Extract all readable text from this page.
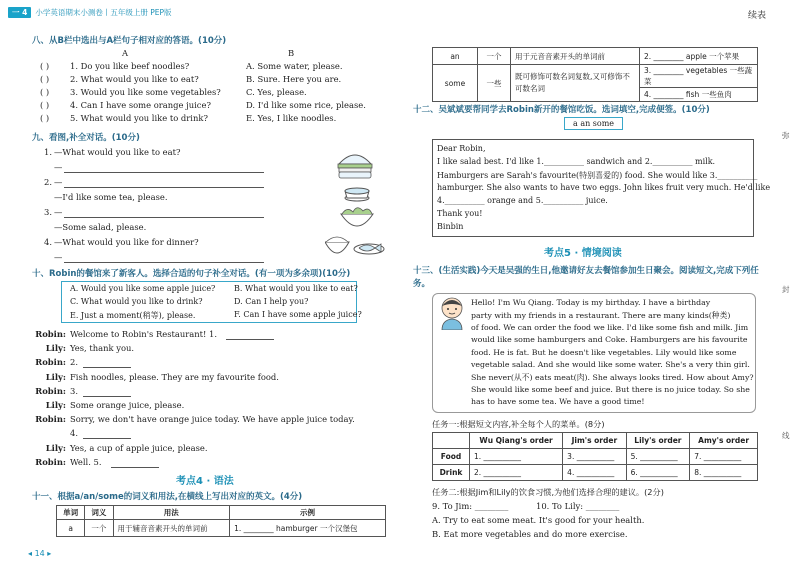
一 4	小学英语期末小测卷丨五年级上册 PEP版	续表
八、从B栏中选出与A栏句子相对应的答语。(10分)
A	B
( ) 1. Do you like beef noodles?	A. Some water, please.
( ) 2. What would you like to eat?	B. Sure. Here you are.
( ) 3. Would you like some vegetables?	C. Yes, please.
( ) 4. Can I have some orange juice?	D. I'd like some rice, please.
( ) 5. What would you like to drink?	E. Yes, I like noodles.
九、看图,补全对话。(10分)
1. —What would you like to eat?
—
2. —
—I'd like some tea, please.
3. —
—Some salad, please.
4. —What would you like for dinner?
—
十、Robin的餐馆来了新客人。选择合适的句子补全对话。(有一项为多余项)(10分)
A. Would you like some apple juice? B. What would you like to eat?
C. What would you like to drink?	D. Can I help you?
E. Just a moment(稍等), please.	F. Can I have some apple juice?
Robin: Welcome to Robin's Restaurant! 1.
Lily: Yes, thank you.
Robin: 2.
Lily: Fish noodles, please. They are my favourite food.
Robin: 3.
Lily: Some orange juice, please.
Robin: Sorry, we don't have orange juice today. We have apple juice today.
4.
Lily: Yes, a cup of apple juice, please.
Robin: Well. 5.
考点4 · 语法
十一、根据a/an/some的词义和用法,在横线上写出对应的英文。(4分)
单词	词义	用法	示例
a	一个	用于辅音音素开头的单词前	1. ________ hamburger 一个汉堡包
◂ 14 ▸
an	一个	用于元音音素开头的单词前	2. ________ apple 一个苹果
some	一些	既可修饰可数名词复数,又可修饰不可数名词	3. ________ vegetables 一些蔬菜
			4. ________ fish 一些鱼肉
十二、吴斌斌要帮同学去Robin新开的餐馆吃饭。选词填空,完成便签。(10分)
a an some
Dear Robin,
I like salad best. I'd like 1.__________ sandwich and 2.__________ milk.
Hamburgers are Sarah's favourite(特别喜爱的) food. She would like 3.__________
hamburger. She also wants to have two eggs. John likes fruit very much. He'd like
4.__________ orange and 5.__________ juice.
Thank you!
Binbin
考点5 · 情境阅读
十三、(生活实践)今天是吴强的生日,他邀请好友去餐馆参加生日聚会。阅读短文,完成下列任务。
Hello! I'm Wu Qiang. Today is my birthday. I have a birthday
party with my friends in a restaurant. There are many kinds(种类)
of food. We can order the food we like. I'd like some fish and milk. Jim
would like some hamburgers and Coke. Hamburgers are his favourite
food. He is fat. But he doesn't like vegetables. Lily would like some
vegetable salad. And she would like some water. She's a very thin girl.
She never(从不) eats meat(肉). She always looks tired. How about Amy?
She would like some beef and juice. But there is no juice today. So she
has to have some tea. We have a good time!
任务一:根据短文内容,补全每个人的菜单。(8分)
	Wu Qiang's order	Jim's order	Lily's order	Amy's order
Food	1. __________	3. __________	5. __________	7. __________
Drink	2. __________	4. __________	6. __________	8. __________
任务二:根据Jim和Lily的饮食习惯,为他们选择合理的建议。(2分)
9. To Jim: ________	10. To Lily: ________
A. Try to eat some meat. It's good for your health.
B. Eat more vegetables and do more exercise.
弥
封
线
